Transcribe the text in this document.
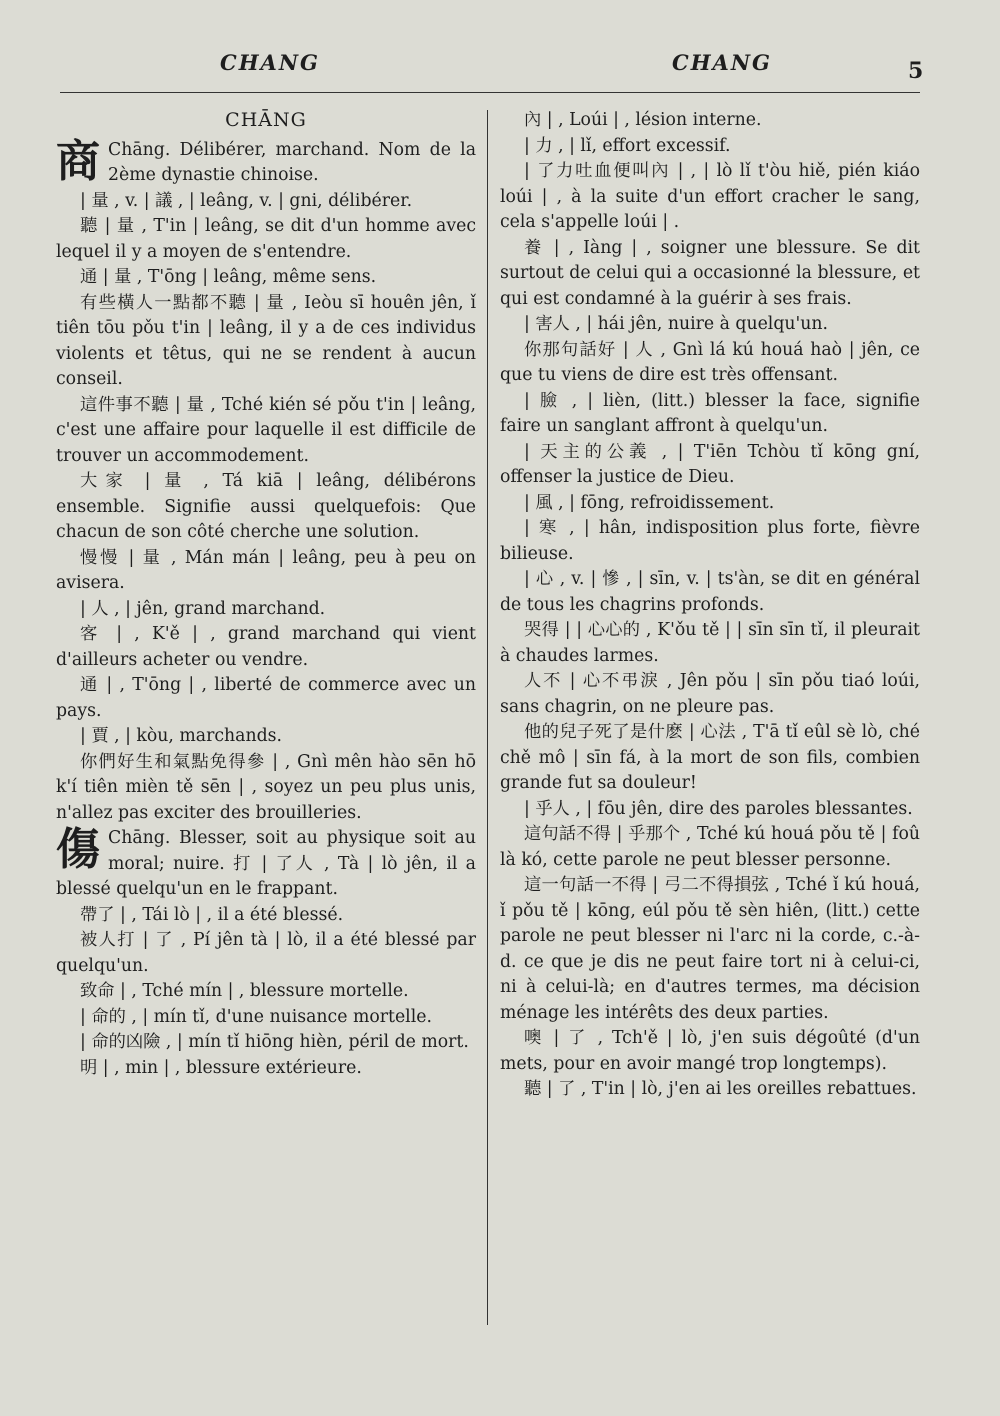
CHANG	CHANG	5
CHĀNG

商 Chāng. Délibérer, marchand. Nom de la 2ème dynastie chinoise.

| 量 , v. | 議 , | leâng, v. | gni, délibérer.

聽 | 量 , T'in | leâng, se dit d'un homme avec lequel il y a moyen de s'entendre.

通 | 量 , T'ōng | leâng, même sens.

有些橫人一點都不聽 | 量 , Ieòu sī houên jên, ǐ tiên tōu pǒu t'in | leâng, il y a de ces individus violents et têtus, qui ne se rendent à aucun conseil.

這件事不聽 | 量 , Tché kién sé pǒu t'in | leâng, c'est une affaire pour laquelle il est difficile de trouver un accommodement.

大家 | 量 , Tá kiā | leâng, délibérons ensemble. Signifie aussi quelquefois: Que chacun de son côté cherche une solution.

慢慢 | 量 , Mán mán | leâng, peu à peu on avisera.

| 人 , | jên, grand marchand.

客 | , K'ě | , grand marchand qui vient d'ailleurs acheter ou vendre.

通 | , T'ōng | , liberté de commerce avec un pays.

| 賈 , | kòu, marchands.

你們好生和氣點免得參 | , Gnì mên hào sēn hō k'í tiên mièn tě sēn | , soyez un peu plus unis, n'allez pas exciter des brouilleries.

傷 Chāng. Blesser, soit au physique soit au moral; nuire. 打 | 了人 , Tà | lò jên, il a blessé quelqu'un en le frappant.

帶了 | , Tái lò | , il a été blessé.

被人打 | 了 , Pí jên tà | lò, il a été blessé par quelqu'un.

致命 | , Tché mín | , blessure mortelle.

| 命的 , | mín tǐ, d'une nuisance mortelle.

| 命的凶險 , | mín tǐ hiōng hièn, péril de mort.

明 | , min | , blessure extérieure.

內 | , Loúi | , lésion interne.

| 力 , | lǐ, effort excessif.

| 了力吐血便叫內 | , | lò lǐ t'òu hiě, pién kiáo loúi | , à la suite d'un effort cracher le sang, cela s'appelle loúi | .

養 | , Iàng | , soigner une blessure. Se dit surtout de celui qui a occasionné la blessure, et qui est condamné à la guérir à ses frais.

| 害人 , | hái jên, nuire à quelqu'un.

你那句話好 | 人 , Gnì lá kú houá haò | jên, ce que tu viens de dire est très offensant.

| 臉 , | lièn, (litt.) blesser la face, signifie faire un sanglant affront à quelqu'un.

| 天主的公義 , | T'iēn Tchòu tǐ kōng gní, offenser la justice de Dieu.

| 風 , | fōng, refroidissement.

| 寒 , | hân, indisposition plus forte, fièvre bilieuse.

| 心 , v. | 慘 , | sīn, v. | ts'àn, se dit en général de tous les chagrins profonds.

哭得 | | 心心的 , K'ǒu tě | | sīn sīn tǐ, il pleurait à chaudes larmes.

人不 | 心不弔淚 , Jên pǒu | sīn pǒu tiaó loúi, sans chagrin, on ne pleure pas.

他的兒子死了是什麽 | 心法 , T'ā tǐ eûl sè lò, ché chě mô | sīn fá, à la mort de son fils, combien grande fut sa douleur!

| 乎人 , | fōu jên, dire des paroles blessantes.

這句話不得 | 乎那个 , Tché kú houá pǒu tě | foû là kó, cette parole ne peut blesser personne.

這一句話一不得 | 弓二不得損弦 , Tché ǐ kú houá, ǐ pǒu tě | kōng, eúl pǒu tě sèn hiên, (litt.) cette parole ne peut blesser ni l'arc ni la corde, c.-à-d. ce que je dis ne peut faire tort ni à celui-ci, ni à celui-là; en d'autres termes, ma décision ménage les intérêts des deux parties.

噢 | 了 , Tch'ě | lò, j'en suis dégoûté (d'un mets, pour en avoir mangé trop longtemps).

聽 | 了 , T'in | lò, j'en ai les oreilles rebattues.
